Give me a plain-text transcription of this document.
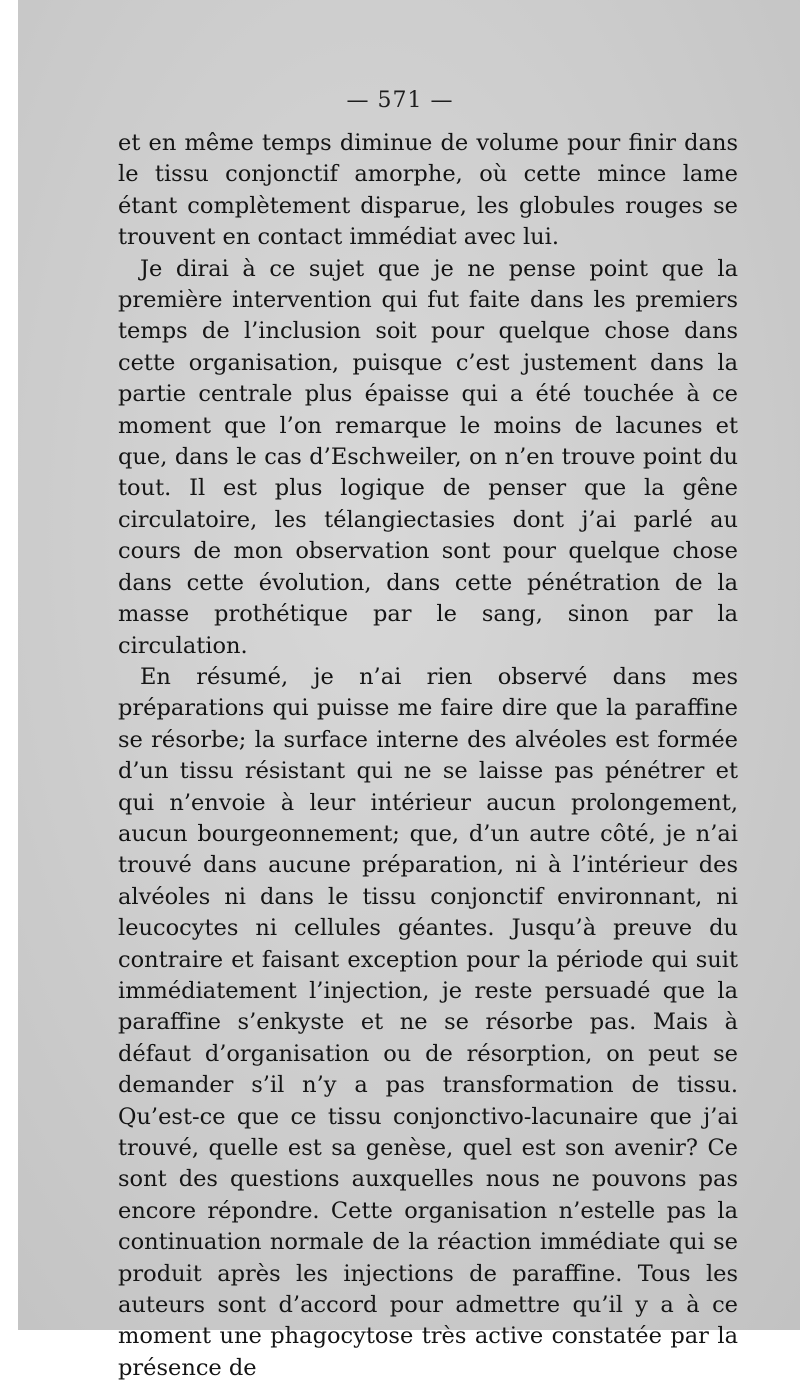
— 571 —

et en même temps diminue de volume pour finir dans le tissu conjonctif amorphe, où cette mince lame étant complètement disparue, les globules rouges se trouvent en contact immédiat avec lui.

Je dirai à ce sujet que je ne pense point que la première intervention qui fut faite dans les premiers temps de l’inclusion soit pour quelque chose dans cette organisation, puisque c’est justement dans la partie centrale plus épaisse qui a été touchée à ce moment que l’on remarque le moins de lacunes et que, dans le cas d’Eschweiler, on n’en trouve point du tout. Il est plus logique de penser que la gêne circulatoire, les télangiectasies dont j’ai parlé au cours de mon observation sont pour quelque chose dans cette évolution, dans cette pénétration de la masse prothétique par le sang, sinon par la circulation.

En résumé, je n’ai rien observé dans mes préparations qui puisse me faire dire que la paraffine se résorbe; la surface interne des alvéoles est formée d’un tissu résistant qui ne se laisse pas pénétrer et qui n’envoie à leur intérieur aucun prolongement, aucun bourgeonnement; que, d’un autre côté, je n’ai trouvé dans aucune préparation, ni à l’intérieur des alvéoles ni dans le tissu conjonctif environnant, ni leucocytes ni cellules géantes. Jusqu’à preuve du contraire et faisant exception pour la période qui suit immédiatement l’injection, je reste persuadé que la paraffine s’enkyste et ne se résorbe pas. Mais à défaut d’organisation ou de résorption, on peut se demander s’il n’y a pas transformation de tissu. Qu’est-ce que ce tissu conjonctivo-lacunaire que j’ai trouvé, quelle est sa genèse, quel est son avenir? Ce sont des questions auxquelles nous ne pouvons pas encore répondre. Cette organisation n’estelle pas la continuation normale de la réaction immédiate qui se produit après les injections de paraffine. Tous les auteurs sont d’accord pour admettre qu’il y a à ce moment une phagocytose très active constatée par la présence de
